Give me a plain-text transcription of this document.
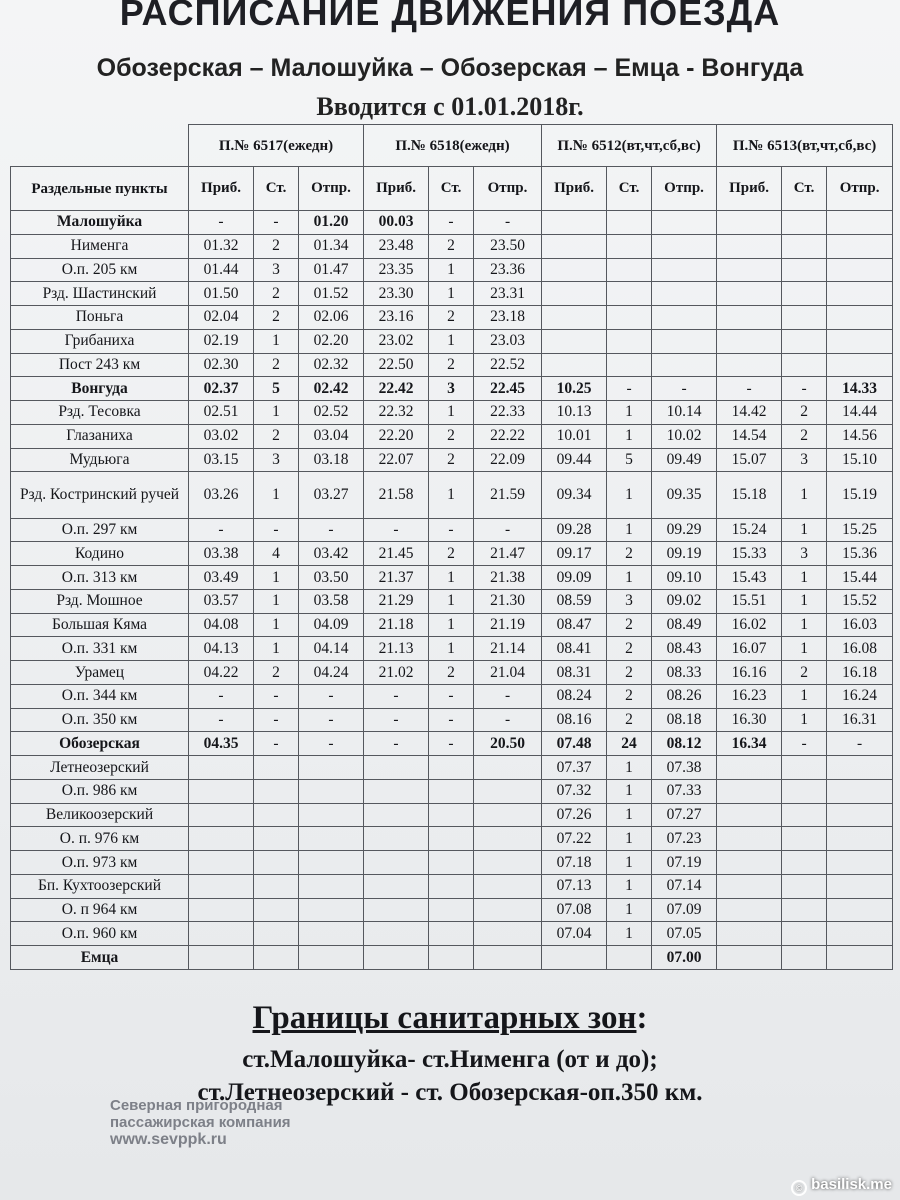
РАСПИСАНИЕ ДВИЖЕНИЯ ПОЕЗДА
Обозерская – Малошуйка – Обозерская – Емца - Вонгуда
Вводится с 01.01.2018г.
	П.№ 6517(ежедн)			П.№ 6518(ежедн)			П.№ 6512(вт,чт,сб,вс)			П.№ 6513(вт,чт,сб,вс)		
Раздельные пункты	Приб.	Ст.	Отпр.	Приб.	Ст.	Отпр.	Приб.	Ст.	Отпр.	Приб.	Ст.	Отпр.
Малошуйка	-	-	01.20	00.03	-	-						
Нименга	01.32	2	01.34	23.48	2	23.50						
О.п. 205 км	01.44	3	01.47	23.35	1	23.36						
Рзд. Шастинский	01.50	2	01.52	23.30	1	23.31						
Поньга	02.04	2	02.06	23.16	2	23.18						
Грибаниха	02.19	1	02.20	23.02	1	23.03						
Пост 243 км	02.30	2	02.32	22.50	2	22.52						
Вонгуда	02.37	5	02.42	22.42	3	22.45	10.25	-	-	-	-	14.33
Рзд. Тесовка	02.51	1	02.52	22.32	1	22.33	10.13	1	10.14	14.42	2	14.44
Глазаниха	03.02	2	03.04	22.20	2	22.22	10.01	1	10.02	14.54	2	14.56
Мудьюга	03.15	3	03.18	22.07	2	22.09	09.44	5	09.49	15.07	3	15.10
Рзд. Костринский ручей	03.26	1	03.27	21.58	1	21.59	09.34	1	09.35	15.18	1	15.19
О.п. 297 км	-	-	-	-	-	-	09.28	1	09.29	15.24	1	15.25
Кодино	03.38	4	03.42	21.45	2	21.47	09.17	2	09.19	15.33	3	15.36
О.п. 313 км	03.49	1	03.50	21.37	1	21.38	09.09	1	09.10	15.43	1	15.44
Рзд. Мошное	03.57	1	03.58	21.29	1	21.30	08.59	3	09.02	15.51	1	15.52
Большая Кяма	04.08	1	04.09	21.18	1	21.19	08.47	2	08.49	16.02	1	16.03
О.п. 331 км	04.13	1	04.14	21.13	1	21.14	08.41	2	08.43	16.07	1	16.08
Урамец	04.22	2	04.24	21.02	2	21.04	08.31	2	08.33	16.16	2	16.18
О.п. 344 км	-	-	-	-	-	-	08.24	2	08.26	16.23	1	16.24
О.п. 350 км	-	-	-	-	-	-	08.16	2	08.18	16.30	1	16.31
Обозерская	04.35	-	-	-	-	20.50	07.48	24	08.12	16.34	-	-
Летнеозерский							07.37	1	07.38			
О.п. 986 км							07.32	1	07.33			
Великоозерский							07.26	1	07.27			
О. п. 976 км							07.22	1	07.23			
О.п. 973 км							07.18	1	07.19			
Бп. Кухтоозерский							07.13	1	07.14			
О. п 964 км							07.08	1	07.09			
О.п. 960 км							07.04	1	07.05			
Емца									07.00			
Границы санитарных зон:
ст.Малошуйка- ст.Нименга (от и до);
ст.Летнеозерский - ст. Обозерская-оп.350 км.
Северная пригородная
пассажирская компания
www.sevppk.ru
© basilisk.me
